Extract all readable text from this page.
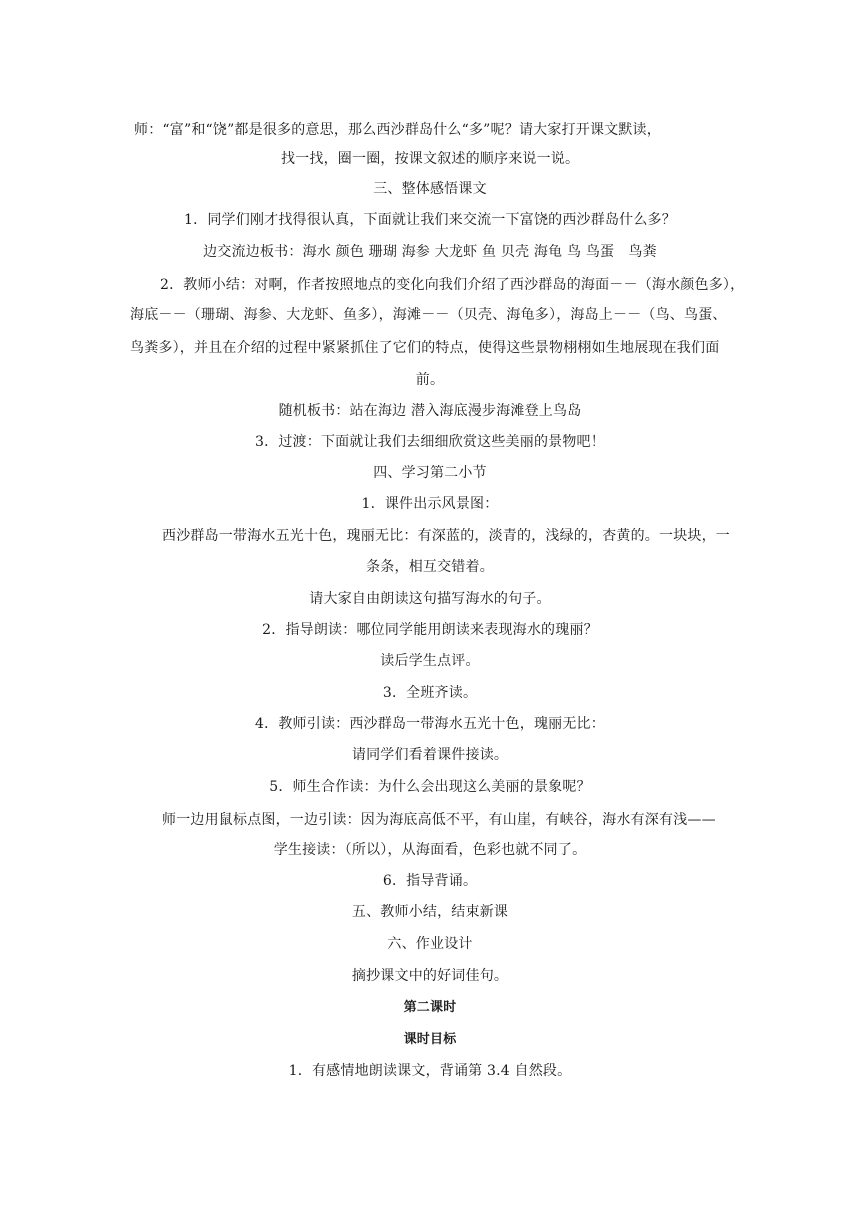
师：“富”和“饶”都是很多的意思，那么西沙群岛什么“多”呢？请大家打开课文默读，
找一找，圈一圈，按课文叙述的顺序来说一说。
三、整体感悟课文
1．同学们刚才找得很认真，下面就让我们来交流一下富饶的西沙群岛什么多？
边交流边板书：海水 颜色 珊瑚 海参 大龙虾 鱼 贝壳 海龟 鸟 鸟蛋　鸟粪
2．教师小结：对啊，作者按照地点的变化向我们介绍了西沙群岛的海面－－（海水颜色多），
海底－－（珊瑚、海参、大龙虾、鱼多），海滩－－（贝壳、海龟多），海岛上－－（鸟、鸟蛋、
鸟粪多），并且在介绍的过程中紧紧抓住了它们的特点，使得这些景物栩栩如生地展现在我们面
前。
随机板书：站在海边 潜入海底漫步海滩登上鸟岛
3．过渡：下面就让我们去细细欣赏这些美丽的景物吧！
四、学习第二小节
1．课件出示风景图：
西沙群岛一带海水五光十色，瑰丽无比：有深蓝的，淡青的，浅绿的，杏黄的。一块块，一
条条，相互交错着。
请大家自由朗读这句描写海水的句子。
2．指导朗读：哪位同学能用朗读来表现海水的瑰丽？
读后学生点评。
3．全班齐读。
4．教师引读：西沙群岛一带海水五光十色，瑰丽无比：
请同学们看着课件接读。
5．师生合作读：为什么会出现这么美丽的景象呢？
师一边用鼠标点图，一边引读：因为海底高低不平，有山崖，有峡谷，海水有深有浅——
学生接读：（所以），从海面看，色彩也就不同了。
6．指导背诵。
五、教师小结，结束新课
六、作业设计
摘抄课文中的好词佳句。
第二课时
课时目标
1．有感情地朗读课文，背诵第 3.4 自然段。
